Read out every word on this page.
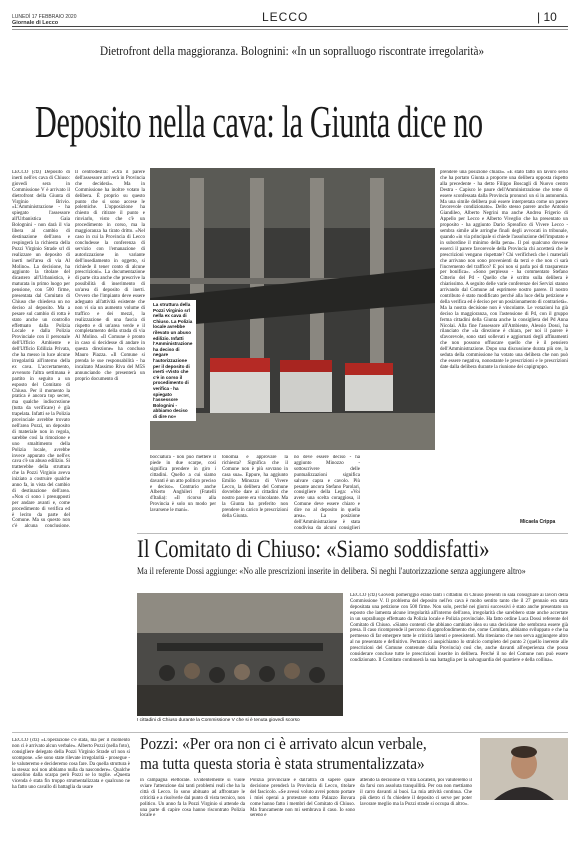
LUNEDÌ 17 FEBBRAIO 2020
Giornale di Lecco	LECCO	| 10
Dietrofront della maggioranza. Bolognini: «In un sopralluogo riscontrate irregolarità»
Deposito nella cava: la Giunta dice no
LECCO (ctz) Deposito di inerti nell'ex cava di Chiuso: giovedì sera in Commissione V è arrivato il dietrofront della Giunta di Virginio Brivio. «L'Amministrazione - ha spiegato l'assessore all'Urbanistica Gaia Bolognini - non darà il via libera al cambio di destinazione dell'area e respingerà la richiesta della Pozzi Virginio Strade srl di realizzare un deposito di inerti nell'area di via Al Molino». La decisione, ha aggiunto la titolare del dicastero all'Urbanistica, è maturata in primo luogo per pensione, con 500 firme, presentata dal Comitato di Chiuso che chiedeva un no deciso al deposito. Ma a pesare sul cambio di rotta è stato anche un controllo effettuato dalla Polizia Locale e dalla Polizia Provinciale con il personale dell'Ufficio Ambiente e dell'Ufficio Edilizia Privata, che ha messo in luce alcune irregolarità all'interno della ex cava. L'accertamento, avvenuto l'altra settimana è partito in seguito a un esposto del Comitato di Chiuso. Per il momento la pratica è ancora top secret, ma qualche indiscrezione (tutta da verificare) è già trapelata. Infatti se la Polizia provinciale avrebbe trovato nell'area Pozzi, un deposito di materiale non in regola, sarebbe così la rimozione e uno smaltimento della Polizia locale, avrebbe invece appurato che nell'ex cava c'è un abuso edilizio. Si tratterebbe della struttura che la Pozzi Virginio aveva iniziato a costruire qualche anno fa, in vista del cambio di destinazione dell'area. «Non ci sono i presupposti per andare avanti e, come procedimento di verifica ed è lecito da parte del Comune. Ma su questo non c'è alcuna conclusione.
Il centrodestra: «Ora il parere dell'assessore arriverà in Provincia che deciderà». Ma in Commissione ha inoltre votato la delibera. È proprio su questo punto che si sono accese le polemiche. L'opposizione ha chiesto di ritirare il punto e rinviarlo, visto che c'è un procedimento in corso, ma la maggioranza ha tirato dritto. «Nel caso in cui la Provincia di Lecco concludesse la conferenza di servizio con l'emanazione di autorizzazione in variante dell'insediamento in oggetto, si richiede il tener conto di alcune prescrizioni». La documentazione di parte cita anche che prescrive la possibilità di inserimento di un'area di deposito di inerti. Ovvero che l'impianto deve essere adeguato all'attività esistente che non vi sia un aumento volume di traffico e dei mezzi, la realizzazione di una fascia di rispetto e di un'area verde e il completamento della strada di via Al Molino. «Il Comune è pronto in caso si decidesse di andare in questa direzione» ha concluso Mauro Piazza. «Il Comune si prenda le sue responsabilità - ha incalzato Massimo Riva del M5S annunciando che presenterà un proprio documento di
La struttura della Pozzi Virginio srl nella ex cava di Chiuso. La Polizia locale avrebbe rilevato un abuso edilizio. Infatti l'Amministrazione ha deciso di negare l'autorizzazione per il deposito di inerti «Visto che c'è in corso il procedimento di verifica - ha spiegato l'assessore Bolognini - abbiamo deciso di dire no»
bocciatura - non può mettere il piede in due scarpe, così significa prendere in giro i cittadini. Quello a cui siamo davanti è un atto politico preciso e deciso». Contrario anche Alberto Anghileri (Fratelli d'Italia): «Il ricorso alla Provincia è solo un modo per lavarsene le mani».
tonomia e approvare la richiesta? Significa che il Comune non è più sovrano in casa sua». Eppure, ha aggiunto Emilio Minozzo di Vivere Lecco, la delibera del Comune dovrebbe dare ai cittadini che nostro parere era vincolante. Ma la Giunta ha preferito non prendere in carico le prescrizioni della Giunta.
no deve essere deciso - ha aggiunto Minozzo - sottoscrivere delle puntualizzazioni significa salvare capra e cavolo. Più pesante ancora Stefano Parolari, consigliere della Lega: «Voi avete una scelta coraggiosa, il Comune deve essere chiaro e dire no al deposito in quella area». La posizione dell'Amministrazione è stata condivisa da alcuni consiglieri
prendere una posizione chiara». «È stato fatto un lavoro serio che ha portato Giunta a proporre una delibera opposta rispetto alla precedente - ha detto Filippo Boscagli di Nuovo centro Destra - Capisco le paure dell'Amministrazione che teme di essere sconfessata dalla Provincia pronunci un sì in autonomia. Ma una simile delibera può essere interpretata come un parere favorevole condizionato». Dello stesso parere anche Antonio Giandileo, Alberto Negrini ma anche Andrea Frigerio di Appello per Lecco e Alberto Viveglio che ha presentato un proposito - ha aggiunto Dario Spreafico di Vivere Lecco - sembra simile alle arringhe finali degli avvocati in tribunale, quando «in via principale si chiede l'assoluzione dell'imputato e in subordine il minimo della pena». Il poi qualcuno dovesse esserci il parere favorevole della Provincia chi accetterà che le prescrizioni vengano rispettate? Chi verificherà che i materiali che arrivano non sono provenienti da terzi e che non ci sarà l'incremento del traffico? E poi non si parla poi di trasparenze per bonifica». «Sono perplesso - ha commentato Stefano Citterio del Pd - Quello che è scritto sulla delibera è chiarissimo. A seguito delle varie conferenze dei Servizi stanno arrivando dal Comune ad esprimere nostro parere. Il nostro contributo è stato modificato perché alla luce della petizione e della verifica ed è deciso per un posizionamento di contrarietà». Ma la nostra decisione non è vincolante. Le votazioni ha già deciso la maggioranza, con l'astensione di Pd, con il gruppo ferma cittadini della Giunta anche la consigliera del Pd Anna Nicolai. Alla fine l'assessore all'Ambiente, Alessio Dossi, ha rilanciato che «la direzione è chiara, per noi il parere è sfavorevole, sono stati sollevati e aggiornati degli affinamenti che non possono offuscare quello che è il pensiero dell'Amministrazione. Dopo una discussione durata più ore, la seduta della commissione ha votato una delibera che non può che essere negativa, nonostante le prescrizioni e le prescrizioni date dalla delibera durante la riunione dei capigruppo.
Micaela Crippa
Il Comitato di Chiuso: «Siamo soddisfatti»
Ma il referente Dossi aggiunge: «No alle prescrizioni inserite in delibera. Si neghi l'autorizzazione senza aggiungere altro»
I cittadini di Chiuso durante la Commissione V che si è tenuta giovedì scorso
LECCO (ctz) Giovedì pomeriggio erano tanti i cittadini di Chiuso presenti in sala consigliare ai lavori della Commissione V. Il problema del deposito nell'ex cava è molto sentito tanto che il 27 gennaio era stata depositata una petizione con 500 firme. Non solo, perché nei giorni successivi è stato anche presentato un esposto che lamenta alcune irregolarità all'interno dell'area, irregolarità che sarebbero state anche accertate in un sopralluogo effettuato da Polizia locale e Polizia provinciale. Ha fatto ordine Luca Dossi referente del Comitato di Chiuso. «Siamo contenti che abbiano cambiato idea su una decisione che sembrava essere già presa. Il caso ricomprende il percorso di approfondimento che, come Comitato, abbiamo sviluppato e che ha permesso di far emergere tutte le criticità latenti e preesistenti. Ma riteniamo che non serva aggiungere altro al no presentato e definitivo. Pertanto ci auspichiamo lo stralcio completo del punto 2 (quello inerente alle prescrizioni del Comune contenute dalla Provincia) così che, anche davanti all'esperienza che possa considerare concluse tutte le prescrizioni inserite in delibera. Perché il no del Comune non può essere condizionato. Il Comitato continuerà la sua battaglia per la salvaguardia del quartiere e della collina».
LECCO (ctz) «L'operazione c'è stata, ma per il momento non ci è arrivato alcun verbale». Alberto Pozzi (nella foto), consigliere delegato della Pozzi Virginio Strade srl non si scompone. «Se sono state rilevate irregolarità - prosegue - le valuteremo e decideremo cosa fare. Da quella struttura è la stessa: noi non abbiamo nulla da nascondere». Qualche sassolino dalla scarpa però Pozzi se lo toglie. «Questa vicenda è stata fin troppo strumentalizzata e qualcuno ne ha fatto uno cavallo di battaglia da usare
Pozzi: «Per ora non ci è arrivato alcun verbale,
ma tutta questa storia è stata strumentalizzata»
in campagna elettorale. Evidentemente si vuole sviare l'attenzione dai tanti problemi reali che ha la città di Lecco. Io sono abituato ad affrontare le criticità e a risolverle dal punto di vista tecnico, non politico. Un anno fa la Pozzi Virginio si attende da una parte di capire cosa hanno riscontrato Polizia locale e
Polizia provinciale e dall'altra di sapere quale decisione prenderà la Provincia di Lecco, titolare del fascicolo. «Se avessi voluto avrei potuto portare i miei operai a protestare sotto Palazzo Bovara come hanno fatto i membri del Comitato di Chiuso. Ma francamente non mi sembrava il caso. Io sono sereno e
attendo la decisione di Villa Locatelli, poi valuteremo il da farsi con assoluta tranquillità. Per ora non mettiamo il carro davanti ai buoi. La mia attività continua. Che più dietro ci fu chiedere il deposito ci serve per poter lavorare meglio ma la Pozzi strade si occupa di altro».
